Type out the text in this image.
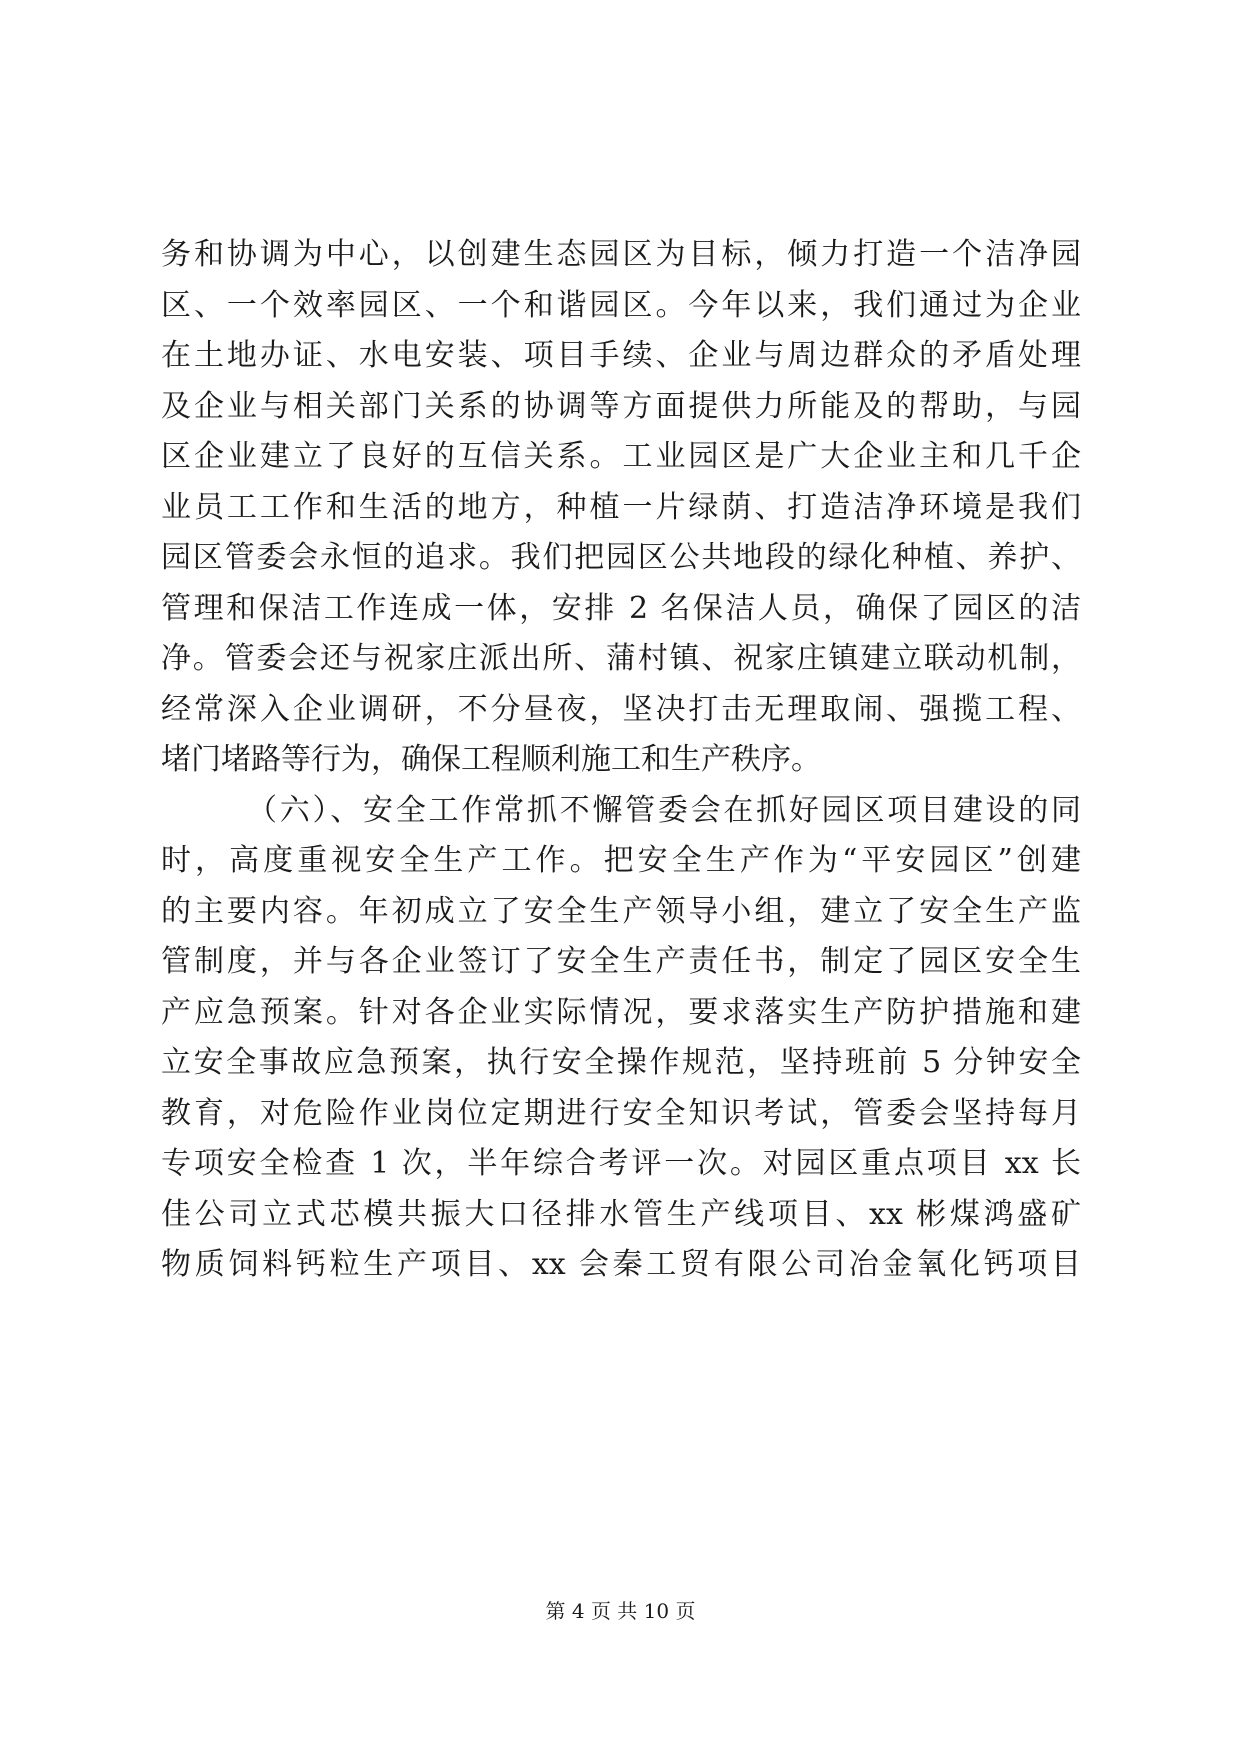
务和协调为中心，以创建生态园区为目标，倾力打造一个洁净园
区、一个效率园区、一个和谐园区。今年以来，我们通过为企业
在土地办证、水电安装、项目手续、企业与周边群众的矛盾处理
及企业与相关部门关系的协调等方面提供力所能及的帮助，与园
区企业建立了良好的互信关系。工业园区是广大企业主和几千企
业员工工作和生活的地方，种植一片绿荫、打造洁净环境是我们
园区管委会永恒的追求。我们把园区公共地段的绿化种植、养护、
管理和保洁工作连成一体，安排 2 名保洁人员，确保了园区的洁
净。管委会还与祝家庄派出所、蒲村镇、祝家庄镇建立联动机制，
经常深入企业调研，不分昼夜，坚决打击无理取闹、强揽工程、
堵门堵路等行为，确保工程顺利施工和生产秩序。
（六）、安全工作常抓不懈管委会在抓好园区项目建设的同
时，高度重视安全生产工作。把安全生产作为“平安园区”创建
的主要内容。年初成立了安全生产领导小组，建立了安全生产监
管制度，并与各企业签订了安全生产责任书，制定了园区安全生
产应急预案。针对各企业实际情况，要求落实生产防护措施和建
立安全事故应急预案，执行安全操作规范，坚持班前 5 分钟安全
教育，对危险作业岗位定期进行安全知识考试，管委会坚持每月
专项安全检查 1 次，半年综合考评一次。对园区重点项目 xx 长
佳公司立式芯模共振大口径排水管生产线项目、xx 彬煤鸿盛矿
物质饲料钙粒生产项目、xx 会秦工贸有限公司冶金氧化钙项目
第 4 页 共 10 页
